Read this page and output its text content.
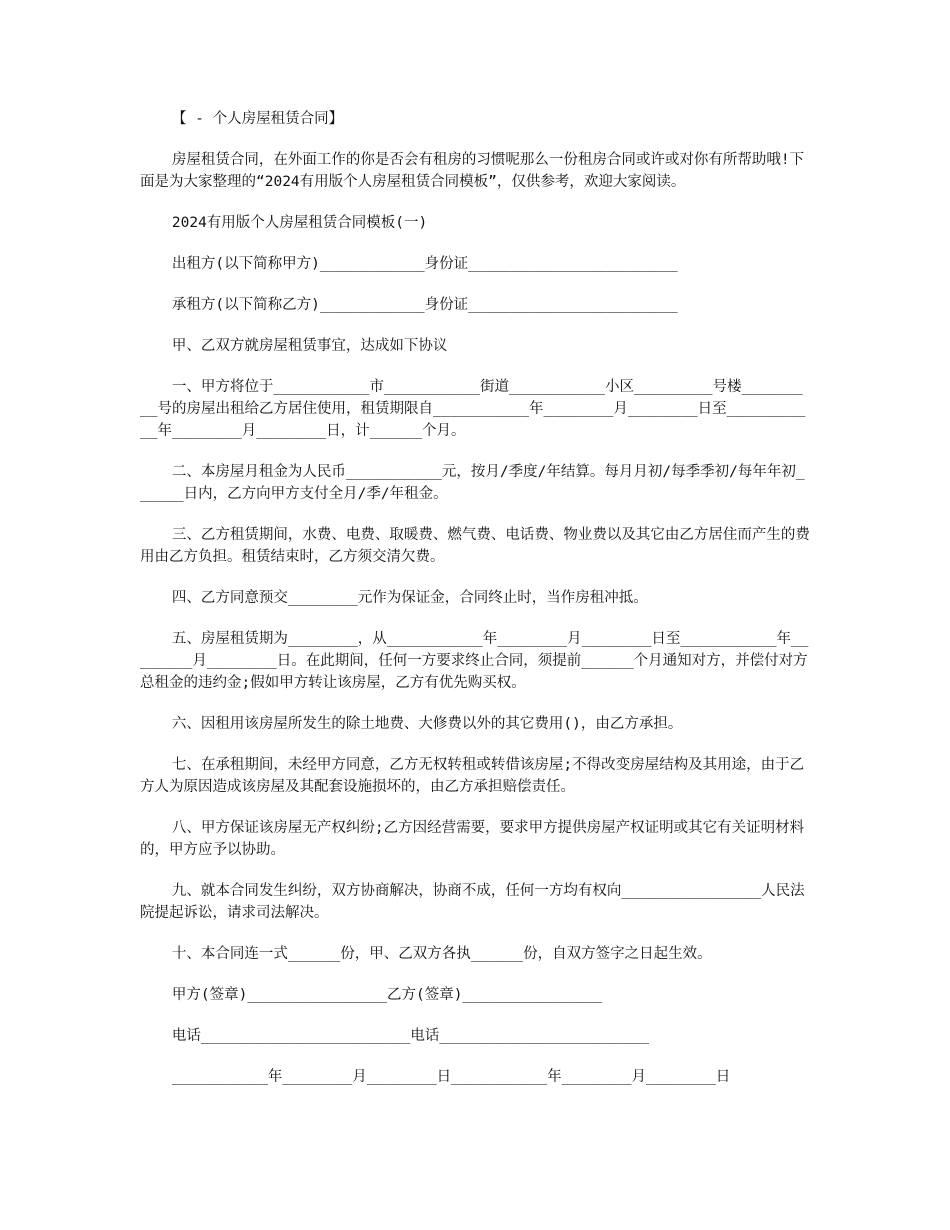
【 - 个人房屋租赁合同】

房屋租赁合同，在外面工作的你是否会有租房的习惯呢那么一份租房合同或许或对你有所帮助哦!下面是为大家整理的“2024有用版个人房屋租赁合同模板”，仅供参考，欢迎大家阅读。

2024有用版个人房屋租赁合同模板(一)

出租方(以下简称甲方)____________身份证________________________

承租方(以下简称乙方)____________身份证________________________

甲、乙双方就房屋租赁事宜，达成如下协议

一、甲方将位于___________市___________街道___________小区_________号楼_________号的房屋出租给乙方居住使用，租赁期限自___________年________月________日至___________年________月________日，计______个月。

二、本房屋月租金为人民币___________元，按月/季度/年结算。每月月初/每季季初/每年年初______日内，乙方向甲方支付全月/季/年租金。

三、乙方租赁期间，水费、电费、取暖费、燃气费、电话费、物业费以及其它由乙方居住而产生的费用由乙方负担。租赁结束时，乙方须交清欠费。

四、乙方同意预交________元作为保证金，合同终止时，当作房租冲抵。

五、房屋租赁期为________，从___________年________月________日至___________年________月________日。在此期间，任何一方要求终止合同，须提前______个月通知对方，并偿付对方总租金的违约金;假如甲方转让该房屋，乙方有优先购买权。

六、因租用该房屋所发生的除土地费、大修费以外的其它费用()，由乙方承担。

七、在承租期间，未经甲方同意，乙方无权转租或转借该房屋;不得改变房屋结构及其用途，由于乙方人为原因造成该房屋及其配套设施损坏的，由乙方承担赔偿责任。

八、甲方保证该房屋无产权纠纷;乙方因经营需要，要求甲方提供房屋产权证明或其它有关证明材料的，甲方应予以协助。

九、就本合同发生纠纷，双方协商解决，协商不成，任何一方均有权向________________人民法院提起诉讼，请求司法解决。

十、本合同连一式______份，甲、乙双方各执______份，自双方签字之日起生效。

甲方(签章)________________乙方(签章)________________

电话________________________电话________________________

___________年________月________日___________年________月________日
